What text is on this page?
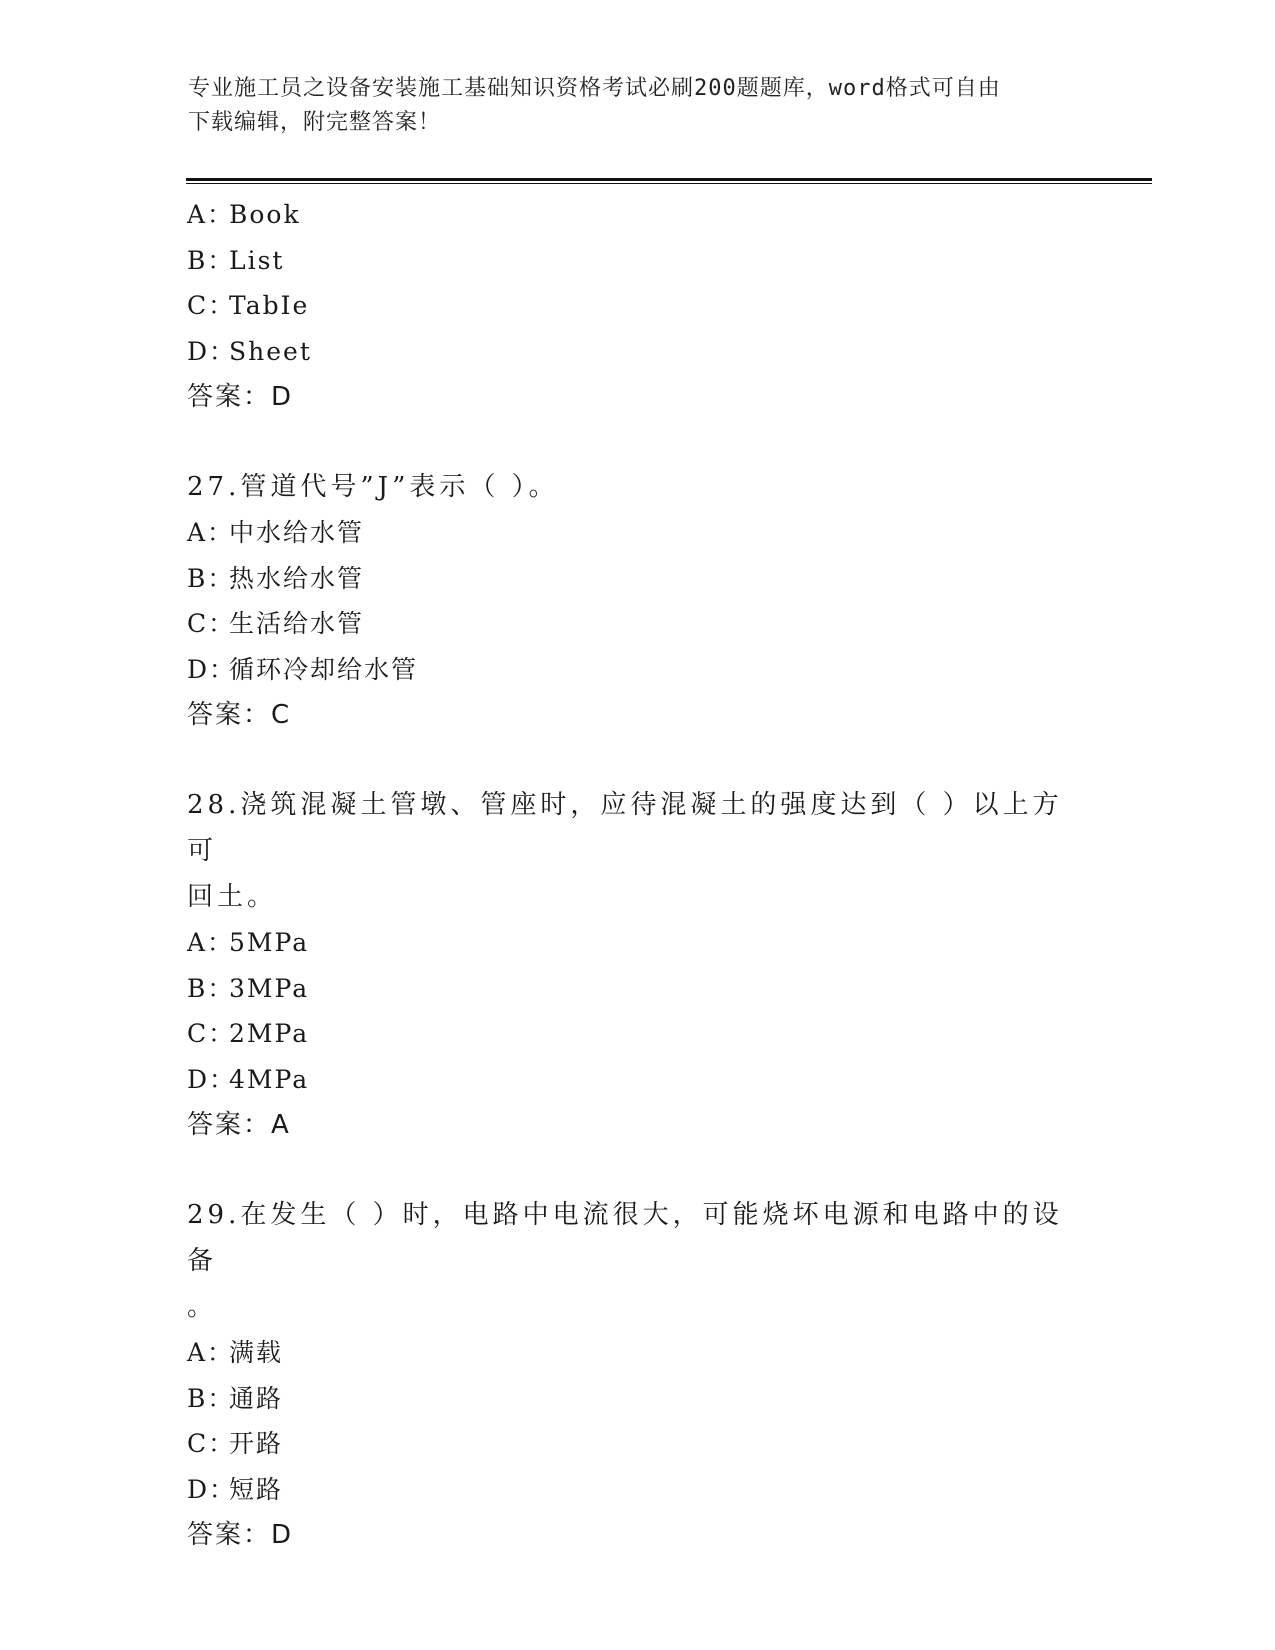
专业施工员之设备安装施工基础知识资格考试必刷200题题库，word格式可自由
下载编辑，附完整答案！
A：
Book
B：
List
C：
TabIe
D：
Sheet
答案：D
27.管道代号”J”表示（ ）。
A：
中水给水管
B：
热水给水管
C：
生活给水管
D：
循环冷却给水管
答案：C
28.浇筑混凝土管墩、管座时，应待混凝土的强度达到（ ）以上方可
回土。
A：
5MPa
B：
3MPa
C：
2MPa
D：
4MPa
答案：A
29.在发生（ ）时，电路中电流很大，可能烧坏电源和电路中的设备
。
A：
满载
B：
通路
C：
开路
D：
短路
答案：D
